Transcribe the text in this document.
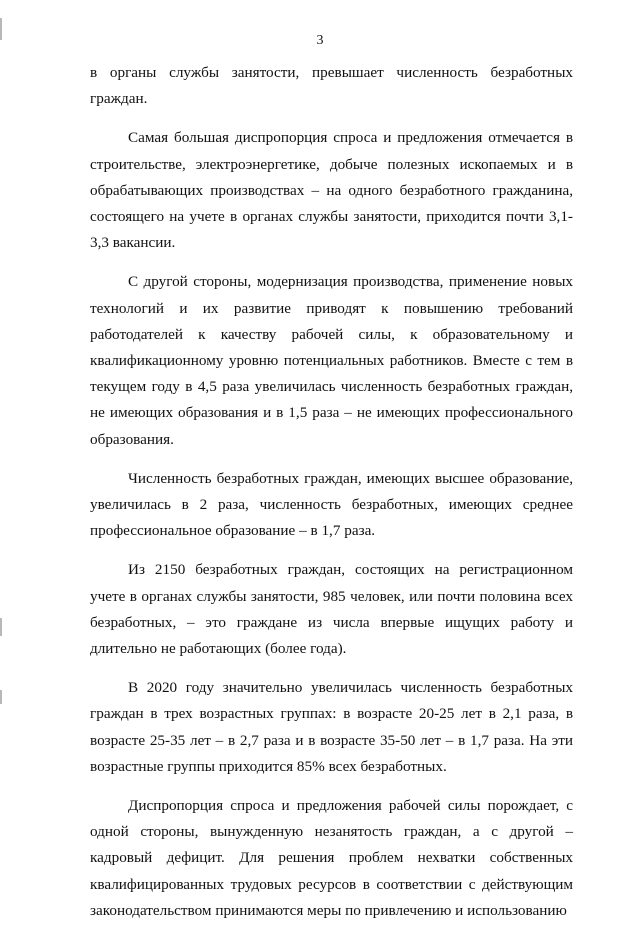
3

в органы службы занятости, превышает численность безработных граждан.

Самая большая диспропорция спроса и предложения отмечается в строительстве, электроэнергетике, добыче полезных ископаемых и в обрабатывающих производствах – на одного безработного гражданина, состоящего на учете в органах службы занятости, приходится почти 3,1-3,3 вакансии.

С другой стороны, модернизация производства, применение новых технологий и их развитие приводят к повышению требований работодателей к качеству рабочей силы, к образовательному и квалификационному уровню потенциальных работников. Вместе с тем в текущем году в 4,5 раза увеличилась численность безработных граждан, не имеющих образования и в 1,5 раза – не имеющих профессионального образования.

Численность безработных граждан, имеющих высшее образование, увеличилась в 2 раза, численность безработных, имеющих среднее профессиональное образование – в 1,7 раза.

Из 2150 безработных граждан, состоящих на регистрационном учете в органах службы занятости, 985 человек, или почти половина всех безработных, – это граждане из числа впервые ищущих работу и длительно не работающих (более года).

В 2020 году значительно увеличилась численность безработных граждан в трех возрастных группах: в возрасте 20-25 лет в 2,1 раза, в возрасте 25-35 лет – в 2,7 раза и в возрасте 35-50 лет – в 1,7 раза. На эти возрастные группы приходится 85% всех безработных.

Диспропорция спроса и предложения рабочей силы порождает, с одной стороны, вынужденную незанятость граждан, а с другой – кадровый дефицит. Для решения проблем нехватки собственных квалифицированных трудовых ресурсов в соответствии с действующим законодательством принимаются меры по привлечению и использованию
